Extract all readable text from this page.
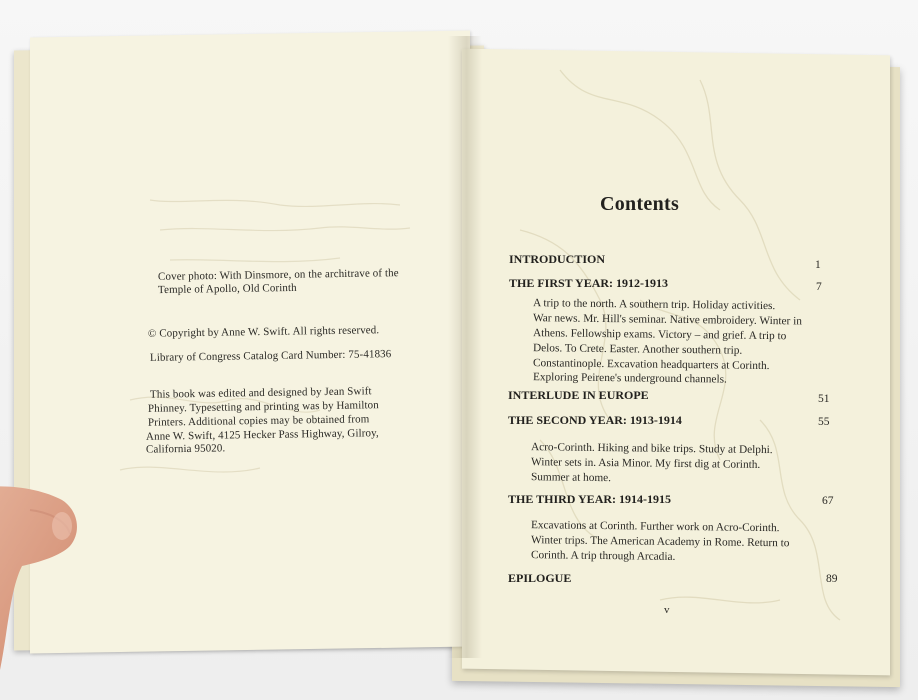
Cover photo: With Dinsmore, on the architrave of the
Temple of Apollo, Old Corinth
© Copyright by Anne W. Swift. All rights reserved.
Library of Congress Catalog Card Number: 75-41836
This book was edited and designed by Jean Swift
Phinney. Typesetting and printing was by Hamilton
Printers. Additional copies may be obtained from
Anne W. Swift, 4125 Hecker Pass Highway, Gilroy,
California 95020.
Contents
INTRODUCTION	1
THE FIRST YEAR: 1912-1913	7
A trip to the north. A southern trip. Holiday activities.
War news. Mr. Hill's seminar. Native embroidery. Winter in
Athens. Fellowship exams. Victory – and grief. A trip to
Delos. To Crete. Easter. Another southern trip.
Constantinople. Excavation headquarters at Corinth.
Exploring Peirene's underground channels.
INTERLUDE IN EUROPE	51
THE SECOND YEAR: 1913-1914	55
Acro-Corinth. Hiking and bike trips. Study at Delphi.
Winter sets in. Asia Minor. My first dig at Corinth.
Summer at home.
THE THIRD YEAR: 1914-1915	67
Excavations at Corinth. Further work on Acro-Corinth.
Winter trips. The American Academy in Rome. Return to
Corinth. A trip through Arcadia.
EPILOGUE	89
v
